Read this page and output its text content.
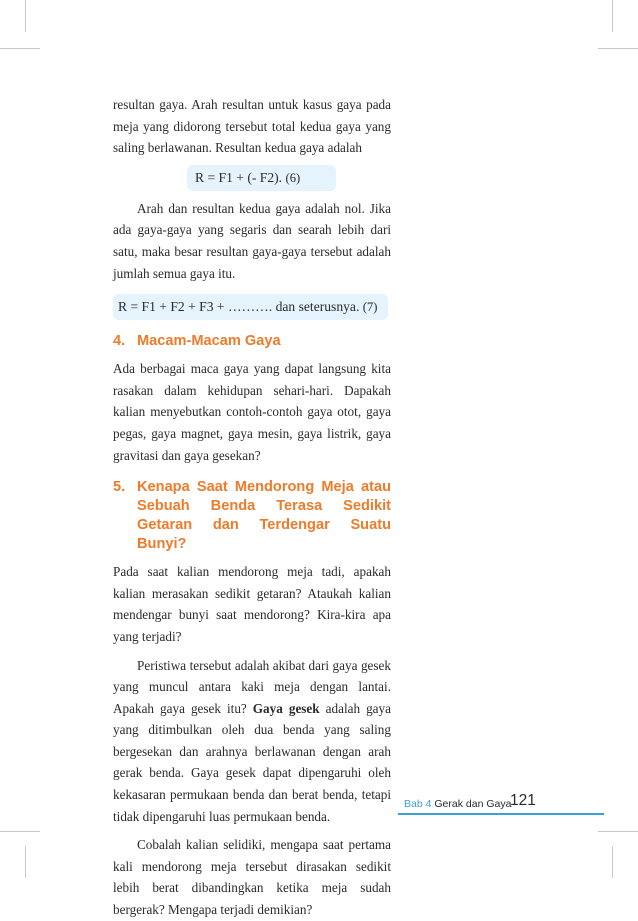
resultan gaya. Arah resultan untuk kasus gaya pada meja yang didorong tersebut total kedua gaya yang saling berlawanan. Resultan kedua gaya adalah

R = F1 + (- F2). (6)

Arah dan resultan kedua gaya adalah nol. Jika ada gaya-gaya yang segaris dan searah lebih dari satu, maka besar resultan gaya-gaya tersebut adalah jumlah semua gaya itu.

R = F1 + F2 + F3 + ………. dan seterusnya. (7)
4. Macam-Macam Gaya

Ada berbagai maca gaya yang dapat langsung kita rasakan dalam kehidupan sehari-hari. Dapakah kalian menyebutkan contoh-contoh gaya otot, gaya pegas, gaya magnet, gaya mesin, gaya listrik, gaya gravitasi dan gaya gesekan?

5. Kenapa Saat Mendorong Meja atau Sebuah Benda Terasa Sedikit Getaran dan Terdengar Suatu Bunyi?

Pada saat kalian mendorong meja tadi, apakah kalian merasakan sedikit getaran? Ataukah kalian mendengar bunyi saat mendorong? Kira-kira apa yang terjadi?

Peristiwa tersebut adalah akibat dari gaya gesek yang muncul antara kaki meja dengan lantai. Apakah gaya gesek itu? Gaya gesek adalah gaya yang ditimbulkan oleh dua benda yang saling bergesekan dan arahnya berlawanan dengan arah gerak benda. Gaya gesek dapat dipengaruhi oleh kekasaran permukaan benda dan berat benda, tetapi tidak dipengaruhi luas permukaan benda.

Cobalah kalian selidiki, mengapa saat pertama kali mendorong meja tersebut dirasakan sedikit lebih berat dibandingkan ketika meja sudah bergerak? Mengapa terjadi demikian?

Bab 4 Gerak dan Gaya
121
